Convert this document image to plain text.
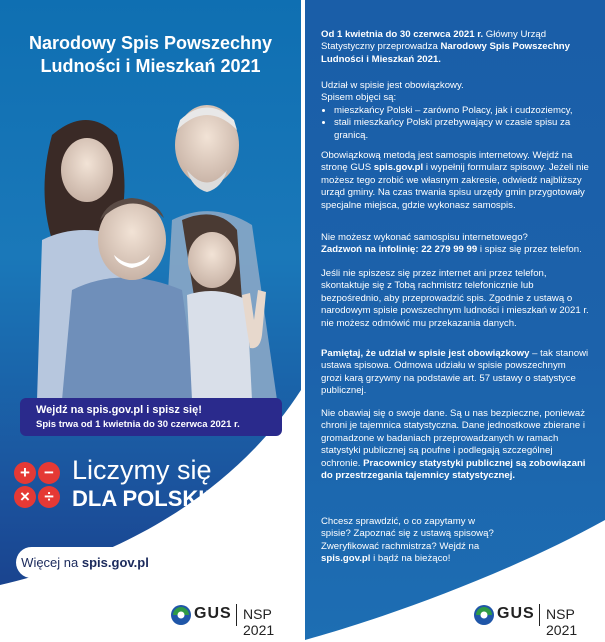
Narodowy Spis Powszechny
Ludności i Mieszkań 2021
Wejdź na spis.gov.pl i spisz się!
Spis trwa od 1 kwietnia do 30 czerwca 2021 r.
+ −
× ÷
Liczymy się
DLA POLSKI!
Więcej na spis.gov.pl
GUS NSP 2021

Od 1 kwietnia do 30 czerwca 2021 r. Główny Urząd Statystyczny przeprowadza Narodowy Spis Powszechny Ludności i Mieszkań 2021.

Udział w spisie jest obowiązkowy.

Spisem objęci są:

• mieszkańcy Polski – zarówno Polacy, jak i cudzoziemcy,
• stali mieszkańcy Polski przebywający w czasie spisu za granicą.

Obowiązkową metodą jest samospis internetowy. Wejdź na stronę GUS spis.gov.pl i wypełnij formularz spisowy. Jeżeli nie możesz tego zrobić we własnym zakresie, odwiedź najbliższy urząd gminy. Na czas trwania spisu urzędy gmin przygotowały specjalne miejsca, gdzie wykonasz samospis.

Nie możesz wykonać samospisu internetowego?

Zadzwoń na infolinię: 22 279 99 99 i spisz się przez telefon.

Jeśli nie spiszesz się przez internet ani przez telefon, skontaktuje się z Tobą rachmistrz telefonicznie lub bezpośrednio, aby przeprowadzić spis. Zgodnie z ustawą o narodowym spisie powszechnym ludności i mieszkań w 2021 r. nie możesz odmówić mu przekazania danych.

Pamiętaj, że udział w spisie jest obowiązkowy – tak stanowi ustawa spisowa. Odmowa udziału w spisie powszechnym grozi karą grzywny na podstawie art. 57 ustawy o statystyce publicznej.

Nie obawiaj się o swoje dane. Są u nas bezpieczne, ponieważ chroni je tajemnica statystyczna. Dane jednostkowe zbierane i gromadzone w badaniach przeprowadzanych w ramach statystyki publicznej są poufne i podlegają szczególnej ochronie. Pracownicy statystyki publicznej są zobowiązani do przestrzegania tajemnicy statystycznej.

Chcesz sprawdzić, o co zapytamy w spisie? Zapoznać się z ustawą spisową? Zweryfikować rachmistrza? Wejdź na spis.gov.pl i bądź na bieżąco!

GUS NSP 2021
